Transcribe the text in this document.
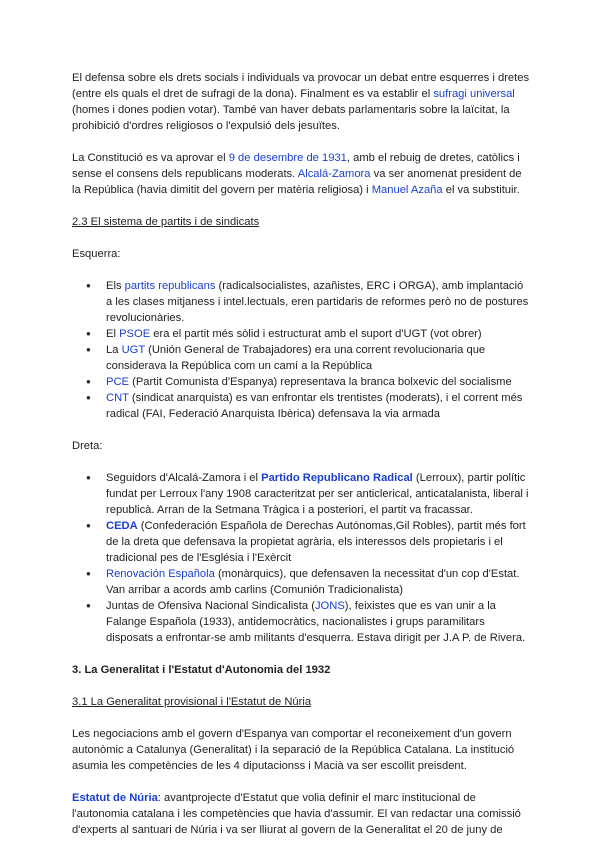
El defensa sobre els drets socials i individuals va provocar un debat entre esquerres i dretes (entre els quals el dret de sufragi de la dona). Finalment es va establir el sufragi universal (homes i dones podien votar). També van haver debats parlamentaris sobre la laïcitat, la prohibició d'ordres religiosos o l'expulsió dels jesuïtes.

La Constitució es va aprovar el 9 de desembre de 1931, amb el rebuig de dretes, catòlics i sense el consens dels republicans moderats. Alcalá-Zamora va ser anomenat president de la República (havia dimitit del govern per matèria religiosa) i Manuel Azaña el va substituir.

2.3 El sistema de partits i de sindicats

Esquerra:

● Els partits republicans (radicalsocialistes, azañistes, ERC i ORGA), amb implantació a les clases mitjaness i intel.lectuals, eren partidaris de reformes però no de postures revolucionàries.
● El PSOE era el partit més sòlid i estructurat amb el suport d'UGT (vot obrer)
● La UGT (Unión General de Trabajadores) era una corrent revolucionaria que considerava la República com un camí a la República
● PCE (Partit Comunista d'Espanya) representava la branca bolxevic del socialisme
● CNT (sindicat anarquista) es van enfrontar els trentistes (moderats), i el corrent més radical (FAI, Federació Anarquista Ibèrica) defensava la via armada

Dreta:

● Seguidors d'Alcalá-Zamora i el Partido Republicano Radical (Lerroux), partir polític fundat per Lerroux l'any 1908 caracteritzat per ser anticlerical, anticatalanista, liberal i republicà. Arran de la Setmana Tràgica i a posteriori, el partit va fracassar.
● CEDA (Confederación Española de Derechas Autónomas,Gil Robles), partit més fort de la dreta que defensava la propietat agrària, els interessos dels propietaris i el tradicional pes de l'Església i l'Exèrcit
● Renovación Española (monàrquics), que defensaven la necessitat d'un cop d'Estat. Van arribar a acords amb carlins (Comunión Tradicionalista)
● Juntas de Ofensiva Nacional Sindicalista (JONS), feixistes que es van unir a la Falange Española (1933), antidemocràtics, nacionalistes i grups paramilitars disposats a enfrontar-se amb militants d'esquerra. Estava dirigit per J.A P. de Rivera.

3. La Generalitat i l'Estatut d'Autonomia del 1932

3.1 La Generalitat provisional i l'Estatut de Núria

Les negociacions amb el govern d'Espanya van comportar el reconeixement d'un govern autonòmic a Catalunya (Generalitat) i la separació de la República Catalana. La institució asumia les competències de les 4 diputacionss i Macià va ser escollit preisdent.

Estatut de Núria: avantprojecte d'Estatut que volia definir el marc institucional de l'autonomia catalana i les competències que havia d'assumir. El van redactar una comissió d'experts al santuari de Núria i va ser lliurat al govern de la Generalitat el 20 de juny de
